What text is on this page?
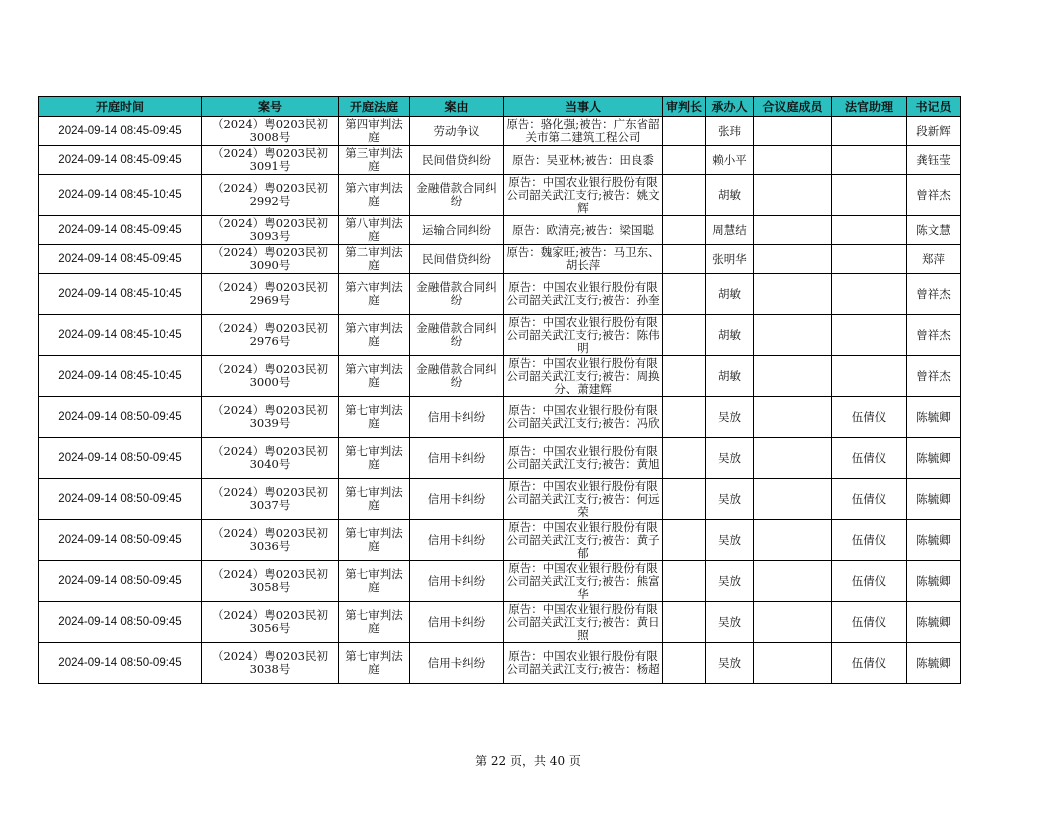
开庭时间	案号	开庭法庭	案由	当事人	审判长	承办人	合议庭成员	法官助理	书记员

2024-09-14 08:45-09:45	（2024）粤0203民初3008号	第四审判法庭	劳动争议	原告：骆化强;被告：广东省韶关市第二建筑工程公司		张玮			段新辉

2024-09-14 08:45-09:45	（2024）粤0203民初3091号	第三审判法庭	民间借贷纠纷	原告：吴亚林;被告：田良黍		赖小平			龚钰莹

2024-09-14 08:45-10:45	（2024）粤0203民初2992号	第六审判法庭	金融借款合同纠纷	原告：中国农业银行股份有限公司韶关武江支行;被告：姚文辉		胡敏			曾祥杰

2024-09-14 08:45-09:45	（2024）粤0203民初3093号	第八审判法庭	运输合同纠纷	原告：欧清亮;被告：梁国聪		周慧结			陈文慧

2024-09-14 08:45-09:45	（2024）粤0203民初3090号	第二审判法庭	民间借贷纠纷	原告：魏家旺;被告：马卫东、胡长萍		张明华			郑萍

2024-09-14 08:45-10:45	（2024）粤0203民初2969号	第六审判法庭	金融借款合同纠纷	原告：中国农业银行股份有限公司韶关武江支行;被告：孙奎		胡敏			曾祥杰

2024-09-14 08:45-10:45	（2024）粤0203民初2976号	第六审判法庭	金融借款合同纠纷	原告：中国农业银行股份有限公司韶关武江支行;被告：陈伟明		胡敏			曾祥杰

2024-09-14 08:45-10:45	（2024）粤0203民初3000号	第六审判法庭	金融借款合同纠纷	原告：中国农业银行股份有限公司韶关武江支行;被告：周换分、萧建辉		胡敏			曾祥杰

2024-09-14 08:50-09:45	（2024）粤0203民初3039号	第七审判法庭	信用卡纠纷	原告：中国农业银行股份有限公司韶关武江支行;被告：冯欣		吴放		伍倩仪	陈毓卿

2024-09-14 08:50-09:45	（2024）粤0203民初3040号	第七审判法庭	信用卡纠纷	原告：中国农业银行股份有限公司韶关武江支行;被告：黄旭		吴放		伍倩仪	陈毓卿

2024-09-14 08:50-09:45	（2024）粤0203民初3037号	第七审判法庭	信用卡纠纷	原告：中国农业银行股份有限公司韶关武江支行;被告：何远荣		吴放		伍倩仪	陈毓卿

2024-09-14 08:50-09:45	（2024）粤0203民初3036号	第七审判法庭	信用卡纠纷	原告：中国农业银行股份有限公司韶关武江支行;被告：黄子郁		吴放		伍倩仪	陈毓卿

2024-09-14 08:50-09:45	（2024）粤0203民初3058号	第七审判法庭	信用卡纠纷	原告：中国农业银行股份有限公司韶关武江支行;被告：熊富华		吴放		伍倩仪	陈毓卿

2024-09-14 08:50-09:45	（2024）粤0203民初3056号	第七审判法庭	信用卡纠纷	原告：中国农业银行股份有限公司韶关武江支行;被告：黄日照		吴放		伍倩仪	陈毓卿

2024-09-14 08:50-09:45	（2024）粤0203民初3038号	第七审判法庭	信用卡纠纷	原告：中国农业银行股份有限公司韶关武江支行;被告：杨超		吴放		伍倩仪	陈毓卿
第 22 页，共 40 页
